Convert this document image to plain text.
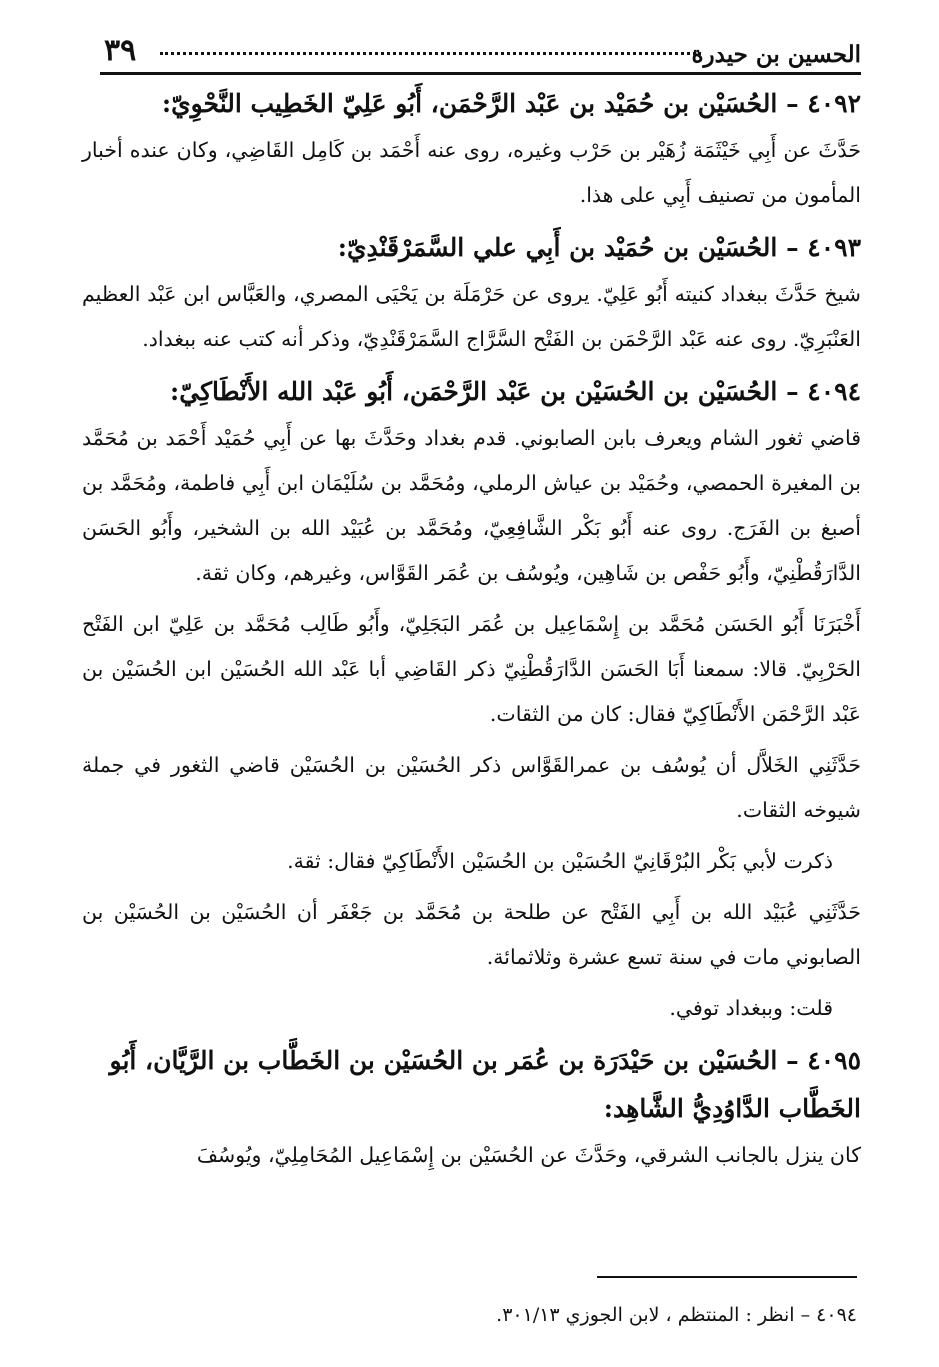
الحسين بن حيدرة
٣٩
٤٠٩٢ – الحُسَيْن بن حُمَيْد بن عَبْد الرَّحْمَن، أَبُو عَلِيّ الخَطِيب النَّحْوِيّ:

حَدَّثَ عن أَبِي خَيْثَمَة زُهَيْر بن حَرْب وغيره، روى عنه أَحْمَد بن كَامِل القَاضِي، وكان عنده أخبار المأمون من تصنيف أَبِي على هذا.

٤٠٩٣ – الحُسَيْن بن حُمَيْد بن أَبِي علي السَّمَرْقَنْدِيّ:

شيخ حَدَّثَ ببغداد كنيته أَبُو عَلِيّ. يروى عن حَرْمَلَة بن يَحْيَى المصري، والعَبَّاس ابن عَبْد العظيم العَنْبَرِيّ. روى عنه عَبْد الرَّحْمَن بن الفَتْح السَّرَّاج السَّمَرْقَنْدِيّ، وذكر أنه كتب عنه ببغداد.

٤٠٩٤ – الحُسَيْن بن الحُسَيْن بن عَبْد الرَّحْمَن، أَبُو عَبْد الله الأَنْطَاكِيّ:

قاضي ثغور الشام ويعرف بابن الصابوني. قدم بغداد وحَدَّثَ بها عن أَبِي حُمَيْد أَحْمَد بن مُحَمَّد بن المغيرة الحمصي، وحُمَيْد بن عياش الرملي، ومُحَمَّد بن سُلَيْمَان ابن أَبِي فاطمة، ومُحَمَّد بن أصبغ بن الفَرَج. روى عنه أَبُو بَكْر الشَّافِعِيّ، ومُحَمَّد بن عُبَيْد الله بن الشخير، وأَبُو الحَسَن الدَّارَقُطْنِيّ، وأَبُو حَفْص بن شَاهِين، ويُوسُف بن عُمَر القَوَّاس، وغيرهم، وكان ثقة.

أَخْبَرَنَا أَبُو الحَسَن مُحَمَّد بن إِسْمَاعِيل بن عُمَر البَجَلِيّ، وأَبُو طَالِب مُحَمَّد بن عَلِيّ ابن الفَتْح الحَرْبِيّ. قالا: سمعنا أَبَا الحَسَن الدَّارَقُطْنِيّ ذكر القَاضِي أبا عَبْد الله الحُسَيْن ابن الحُسَيْن بن عَبْد الرَّحْمَن الأَنْطَاكِيّ فقال: كان من الثقات.

حَدَّثَنِي الخَلاَّل أن يُوسُف بن عمرالقَوَّاس ذكر الحُسَيْن بن الحُسَيْن قاضي الثغور في جملة شيوخه الثقات.

ذكرت لأبي بَكْر البُرْقَانِيّ الحُسَيْن بن الحُسَيْن الأَنْطَاكِيّ فقال: ثقة.

حَدَّثَنِي عُبَيْد الله بن أَبِي الفَتْح عن طلحة بن مُحَمَّد بن جَعْفَر أن الحُسَيْن بن الحُسَيْن بن الصابوني مات في سنة تسع عشرة وثلاثمائة.

قلت: وببغداد توفي.

٤٠٩٥ – الحُسَيْن بن حَيْدَرَة بن عُمَر بن الحُسَيْن بن الخَطَّاب بن الرَّيَّان، أَبُو الخَطَّاب الدَّاوُدِيُّ الشَّاهِد:

كان ينزل بالجانب الشرقي، وحَدَّثَ عن الحُسَيْن بن إِسْمَاعِيل المُحَامِلِيّ، ويُوسُفَ

٤٠٩٤ – انظر : المنتظم ، لابن الجوزي ٣٠١/١٣.
